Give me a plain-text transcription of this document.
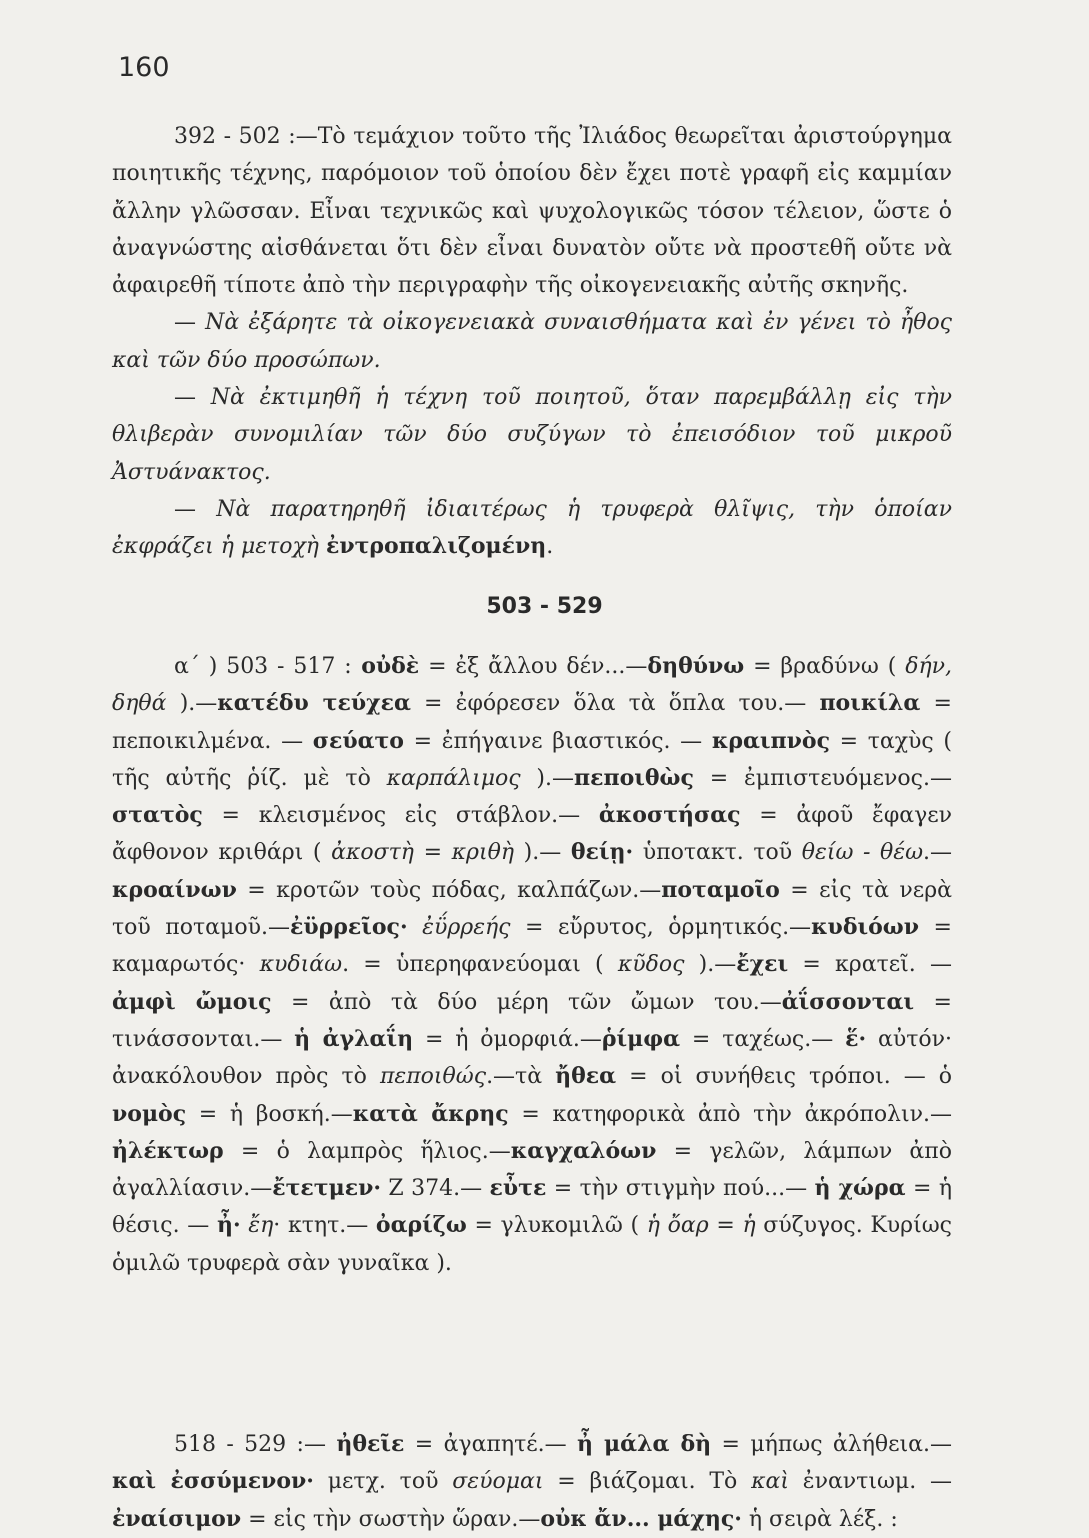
160

392 - 502 :—Τὸ τεμάχιον τοῦτο τῆς Ἰλιάδος θεωρεῖται ἀριστούργημα ποιητικῆς τέχνης, παρόμοιον τοῦ ὁποίου δὲν ἔχει ποτὲ γραφῆ εἰς καμμίαν ἄλλην γλῶσσαν. Εἶναι τεχνικῶς καὶ ψυχολογικῶς τόσον τέλειον, ὥστε ὁ ἀναγνώστης αἰσθάνεται ὅτι δὲν εἶναι δυνατὸν οὔτε νὰ προστεθῆ οὔτε νὰ ἀφαιρεθῆ τίποτε ἀπὸ τὴν περιγραφὴν τῆς οἰκογενειακῆς αὐτῆς σκηνῆς.

— Νὰ ἐξάρητε τὰ οἰκογενειακὰ συναισθήματα καὶ ἐν γένει τὸ ἦθος καὶ τῶν δύο προσώπων.

— Νὰ ἐκτιμηθῆ ἡ τέχνη τοῦ ποιητοῦ, ὅταν παρεμβάλλῃ εἰς τὴν θλιβερὰν συνομιλίαν τῶν δύο συζύγων τὸ ἐπεισόδιον τοῦ μικροῦ Ἀστυάνακτος.

— Νὰ παρατηρηθῆ ἰδιαιτέρως ἡ τρυφερὰ θλῖψις, τὴν ὁποίαν ἐκφράζει ἡ μετοχὴ ἐντροπαλιζομένη.

503 - 529

α΄ ) 503 - 517 : οὐδὲ = ἐξ ἄλλου δέν...—δηθύνω = βραδύνω ( δήν, δηθά ).—κατέδυ τεύχεα = ἐφόρεσεν ὅλα τὰ ὅπλα του.— ποικίλα = πεποικιλμένα. — σεύατο = ἐπήγαινε βιαστικός. — κραιπνὸς = ταχὺς ( τῆς αὐτῆς ῥίζ. μὲ τὸ καρπάλιμος ).—πεποιθὼς = ἐμπιστευόμενος.— στατὸς = κλεισμένος εἰς στάβλον.— ἀκοστήσας = ἀφοῦ ἔφαγεν ἄφθονον κριθάρι ( ἀκοστὴ = κριθὴ ).— θείῃ· ὑποτακτ. τοῦ θείω - θέω.— κροαίνων = κροτῶν τοὺς πόδας, καλπάζων.—ποταμοῖο = εἰς τὰ νερὰ τοῦ ποταμοῦ.—ἐϋρρεῖος· ἐΰρρεής = εὔρυτος, ὁρμητικός.—κυδιόων = καμαρωτός· κυδιάω. = ὑπερηφανεύομαι ( κῦδος ).—ἔχει = κρατεῖ. — ἀμφὶ ὤμοις = ἀπὸ τὰ δύο μέρη τῶν ὤμων του.—ἀΐσσονται = τινάσσονται.— ἡ ἀγλαΐη = ἡ ὀμορφιά.—ῥίμφα = ταχέως.— ἕ· αὐτόν· ἀνακόλουθον πρὸς τὸ πεποιθώς.—τὰ ἤθεα = οἱ συνήθεις τρόποι. — ὁ νομὸς = ἡ βοσκή.—κατὰ ἄκρης = κατηφορικὰ ἀπὸ τὴν ἀκρόπολιν.—ἠλέκτωρ = ὁ λαμπρὸς ἥλιος.—καγχαλόων = γελῶν, λάμπων ἀπὸ ἀγαλλίασιν.—ἔτετμεν· Ζ 374.— εὖτε = τὴν στιγμὴν πού...— ἡ χώρα = ἡ θέσις. — ἦ· ἔη· κτητ.— ὀαρίζω = γλυκομιλῶ ( ἡ ὄαρ = ἡ σύζυγος. Κυρίως ὁμιλῶ τρυφερὰ σὰν γυναῖκα ).

518 - 529 :— ἠθεῖε = ἀγαπητέ.— ἦ μάλα δὴ = μήπως ἀλήθεια.— καὶ ἐσσύμενον· μετχ. τοῦ σεύομαι = βιάζομαι. Τὸ καὶ ἐναντιωμ. — ἐναίσιμον = εἰς τὴν σωστὴν ὥραν.—οὐκ ἄν... μάχης· ἡ σειρὰ λέξ. :
